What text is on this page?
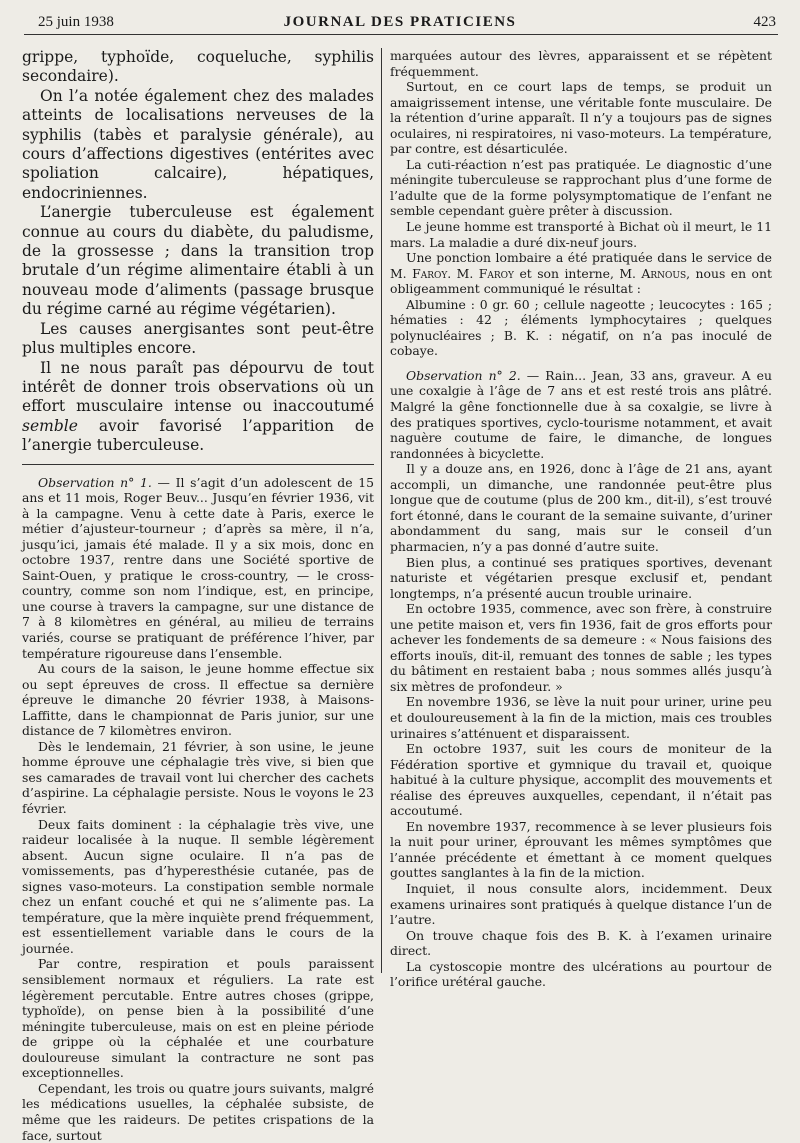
25 juin 1938	JOURNAL DES PRATICIENS	423

grippe, typhoïde, coqueluche, syphilis secondaire).

On l’a notée également chez des malades atteints de localisations nerveuses de la syphilis (tabès et paralysie générale), au cours d’affections digestives (entérites avec spoliation calcaire), hépatiques, endocriniennes.

L’anergie tuberculeuse est également connue au cours du diabète, du paludisme, de la grossesse ; dans la transition trop brutale d’un régime alimentaire établi à un nouveau mode d’aliments (passage brusque du régime carné au régime végétarien).

Les causes anergisantes sont peut-être plus multiples encore.

Il ne nous paraît pas dépourvu de tout intérêt de donner trois observations où un effort musculaire intense ou inaccoutumé semble avoir favorisé l’apparition de l’anergie tuberculeuse.

Observation n° 1. — Il s’agit d’un adolescent de 15 ans et 11 mois, Roger Beuv... Jusqu’en février 1936, vit à la campagne. Venu à cette date à Paris, exerce le métier d’ajusteur-tourneur ; d’après sa mère, il n’a, jusqu’ici, jamais été malade. Il y a six mois, donc en octobre 1937, rentre dans une Société sportive de Saint-Ouen, y pratique le cross-country, — le cross-country, comme son nom l’indique, est, en principe, une course à travers la campagne, sur une distance de 7 à 8 kilomètres en général, au milieu de terrains variés, course se pratiquant de préférence l’hiver, par température rigoureuse dans l’ensemble.

Au cours de la saison, le jeune homme effectue six ou sept épreuves de cross. Il effectue sa dernière épreuve le dimanche 20 février 1938, à Maisons-Laffitte, dans le championnat de Paris junior, sur une distance de 7 kilomètres environ.

Dès le lendemain, 21 février, à son usine, le jeune homme éprouve une céphalagie très vive, si bien que ses camarades de travail vont lui chercher des cachets d’aspirine. La céphalagie persiste. Nous le voyons le 23 février.

Deux faits dominent : la céphalagie très vive, une raideur localisée à la nuque. Il semble légèrement absent. Aucun signe oculaire. Il n’a pas de vomissements, pas d’hyperesthésie cutanée, pas de signes vaso-moteurs. La constipation semble normale chez un enfant couché et qui ne s’alimente pas. La température, que la mère inquiète prend fréquemment, est essentiellement variable dans le cours de la journée.

Par contre, respiration et pouls paraissent sensiblement normaux et réguliers. La rate est légèrement percutable. Entre autres choses (grippe, typhoïde), on pense bien à la possibilité d’une méningite tuberculeuse, mais on est en pleine période de grippe où la céphalée et une courbature douloureuse simulant la contracture ne sont pas exceptionnelles.

Cependant, les trois ou quatre jours suivants, malgré les médications usuelles, la céphalée subsiste, de même que les raideurs. De petites crispations de la face, surtout

marquées autour des lèvres, apparaissent et se répètent fréquemment.

Surtout, en ce court laps de temps, se produit un amaigrissement intense, une véritable fonte musculaire. De la rétention d’urine apparaît. Il n’y a toujours pas de signes oculaires, ni respiratoires, ni vaso-moteurs. La température, par contre, est désarticulée.

La cuti-réaction n’est pas pratiquée. Le diagnostic d’une méningite tuberculeuse se rapprochant plus d’une forme de l’adulte que de la forme polysymptomatique de l’enfant ne semble cependant guère prêter à discussion.

Le jeune homme est transporté à Bichat où il meurt, le 11 mars. La maladie a duré dix-neuf jours.

Une ponction lombaire a été pratiquée dans le service de M. Faroy. M. Faroy et son interne, M. Arnous, nous en ont obligeamment communiqué le résultat :

Albumine : 0 gr. 60 ; cellule nageotte ; leucocytes : 165 ; hématies : 42 ; éléments lymphocytaires ; quelques polynucléaires ; B. K. : négatif, on n’a pas inoculé de cobaye.

Observation n° 2. — Rain... Jean, 33 ans, graveur. A eu une coxalgie à l’âge de 7 ans et est resté trois ans plâtré. Malgré la gêne fonctionnelle due à sa coxalgie, se livre à des pratiques sportives, cyclo-tourisme notamment, et avait naguère coutume de faire, le dimanche, de longues randonnées à bicyclette.

Il y a douze ans, en 1926, donc à l’âge de 21 ans, ayant accompli, un dimanche, une randonnée peut-être plus longue que de coutume (plus de 200 km., dit-il), s’est trouvé fort étonné, dans le courant de la semaine suivante, d’uriner abondamment du sang, mais sur le conseil d’un pharmacien, n’y a pas donné d’autre suite.

Bien plus, a continué ses pratiques sportives, devenant naturiste et végétarien presque exclusif et, pendant longtemps, n’a présenté aucun trouble urinaire.

En octobre 1935, commence, avec son frère, à construire une petite maison et, vers fin 1936, fait de gros efforts pour achever les fondements de sa demeure : « Nous faisions des efforts inouïs, dit-il, remuant des tonnes de sable ; les types du bâtiment en restaient baba ; nous sommes allés jusqu’à six mètres de profondeur. »

En novembre 1936, se lève la nuit pour uriner, urine peu et douloureusement à la fin de la miction, mais ces troubles urinaires s’atténuent et disparaissent.

En octobre 1937, suit les cours de moniteur de la Fédération sportive et gymnique du travail et, quoique habitué à la culture physique, accomplit des mouvements et réalise des épreuves auxquelles, cependant, il n’était pas accoutumé.

En novembre 1937, recommence à se lever plusieurs fois la nuit pour uriner, éprouvant les mêmes symptômes que l’année précédente et émettant à ce moment quelques gouttes sanglantes à la fin de la miction.

Inquiet, il nous consulte alors, incidemment. Deux examens urinaires sont pratiqués à quelque distance l’un de l’autre.

On trouve chaque fois des B. K. à l’examen urinaire direct.

La cystoscopie montre des ulcérations au pourtour de l’orifice urétéral gauche.
